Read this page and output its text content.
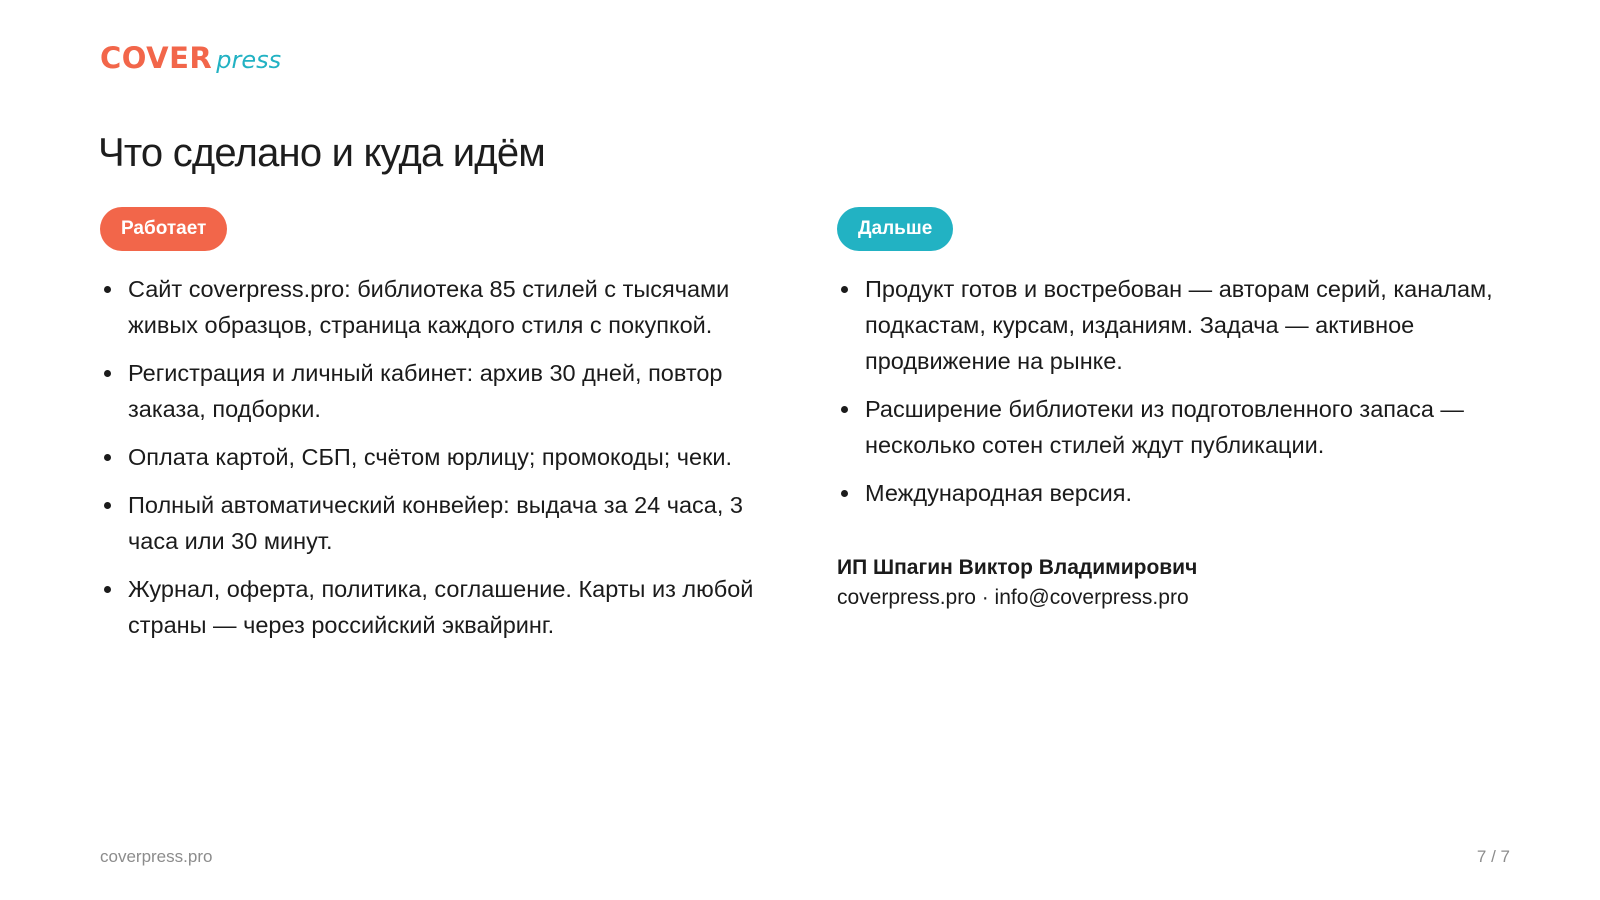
COVER press
Что сделано и куда идём
Работает
Сайт coverpress.pro: библиотека 85 стилей с тысячами живых образцов, страница каждого стиля с покупкой.
Регистрация и личный кабинет: архив 30 дней, повтор заказа, подборки.
Оплата картой, СБП, счётом юрлицу; промокоды; чеки.
Полный автоматический конвейер: выдача за 24 часа, 3 часа или 30 минут.
Журнал, оферта, политика, соглашение. Карты из любой страны — через российский эквайринг.
Дальше
Продукт готов и востребован — авторам серий, каналам, подкастам, курсам, изданиям. Задача — активное продвижение на рынке.
Расширение библиотеки из подготовленного запаса — несколько сотен стилей ждут публикации.
Международная версия.
ИП Шпагин Виктор Владимирович
coverpress.pro · info@coverpress.pro
coverpress.pro	7 / 7
